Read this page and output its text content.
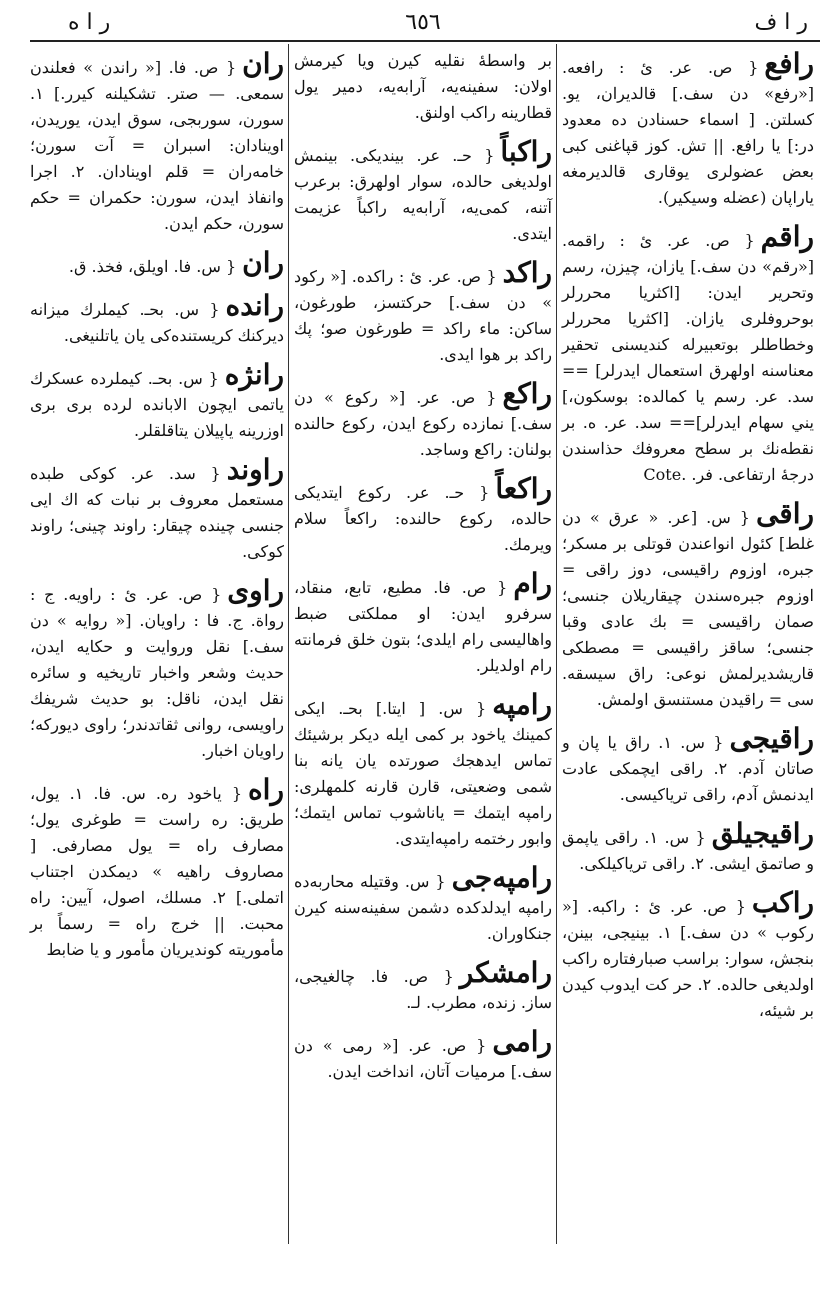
ر ا ف
٦٥٦
ر ا ه
رافع{ ص. عر. ئ : رافعه. [«رفع» دن سف.] قالديران، يو. كسلتن. [ اسماء حسنادن ده معدود در:] يا رافع. || تش. كوز قپاغنی كبی بعض عضولری يوقاری قالديرمغه ياراپان (عضله وسيكير).
راقم{ ص. عر. ئ : راقمه. [«رقم» دن سف.] يازان، چيزن، رسم وتحرير ايدن: [اكثريا محررلر بوحروفلری يازان. [اكثريا محررلر وخطاطلر بوتعبيرله كنديسنی تحقير معناسنه اولهرق استعمال ايدرلر] == سد. عر. رسم يا كمالده: بوسكون،] يني سهام ايدرلر]== سد. عر. ه. بر نقطه‌نك بر سطح معروفك حذاسندن درجهٔ ارتفاعی. فر. Cote.
راقی{ س. [عر. « عرق » دن غلط] كئول انواعندن قوتلی بر مسكر؛ جبره، اوزوم راقيسی، دوز راقی = اوزوم جبره‌سندن چيقاريلان جنسی؛ صمان راقيسی = بك عادی وقبا جنسی؛ ساقز راقيسی = مصطكی قاريشديرلمش نوعی: راق سيسقه. سی = راقيدن مستنسق اولمش.
راقيجی{ س. ١. راق يا پان و صاتان آدم. ٢. راقی ايچمكی عادت ايدنمش آدم، راقی ترياكيسی.
راقيجيلق{ س. ١. راقی ياپمق و صاتمق ايشی. ٢. راقی ترياكيلكی.
راكب{ ص. عر. ئ : راكبه. [« ركوب » دن سف.] ١. بينيجی، بينن، بنجش، سوار: براسب صبارفتاره راكب اولديغی حالده. ٢. حر كت ايدوب كيدن بر شيئه،
بر واسطهٔ نقليه كيرن ويا كيرمش اولان: سفينه‌يه، آرابه‌يه، دمير يول قطارينه راكب اولنق.
راكباً{ حـ. عر. بينديكی. بينمش اولديغی حالده، سوار اولهرق: برعرب آتنه، كمی‌يه، آرابه‌يه راكباً عزيمت ايتدی.
راكد{ ص. عر. ئ : راكده. [« ركود » دن سف.] حركتسز، طورغون، ساكن: ماء راكد = طورغون صو؛ پك راكد بر هوا ايدی.
راكع{ ص. عر. [« ركوع » دن سف.] نمازده ركوع ايدن، ركوع حالنده بولنان: راكع وساجد.
راكعاً{ حـ. عر. ركوع ايتديكی حالده، ركوع حالنده: راكعاً سلام ويرمك.
رام{ ص. فا. مطيع، تابع، منقاد، سرفرو ايدن: او مملكتی ضبط واهاليسی رام ايلدی؛ بتون خلق فرمانته رام اولديلر.
رامپه{ س. [ ايتا.] بحـ. ايكی كمينك ياخود بر كمی ايله ديكر برشيئك تماس ايدهجك صورتده يان يانه بنا شمی وضعيتی، قارن قارنه كلمهلری: رامپه ايتمك = ياناشوب تماس ايتمك؛ وابور رختمه رامپه‌ايتدی.
رامپه‌جی{ س. وقتيله محاربه‌ده رامپه ايدلدكده دشمن سفينه‌سنه كيرن جنكاوران.
رامشكر{ ص. فا. چالغيجی، ساز. زنده، مطرب. لـ.
رامی{ ص. عر. [« رمی » دن سف.] مرميات آتان، انداخت ايدن.
ران{ ص. فا. [« راندن » فعلندن سمعی. — صتر. تشكيلنه كيرر.] ١. سورن، سوربجی، سوق ايدن، يوريدن، اوينادان: اسبران = آت سورن؛ خامه‌ران = قلم اوينادان. ٢. اجرا وانفاذ ايدن، سورن: حكمران = حكم سورن، حكم ايدن.
ران{ س. فا. اويلق، فخذ. ق.
رانده{ س. بحـ. كيملرك ميزانه ديركنك كريستنده‌كی يان ياتلنيغی.
رانژه{ س. بحـ. كيملرده عسكرك ياتمی ايچون الابانده‌ لرده برى برى اوزرينه ياپيلان يتاقلقلر.
راوند{ سد. عر. كوكی طبده مستعمل معروف بر نبات كه اك ايی جنسی چينده چيقار: راوند چينی؛ راوند كوكی.
راوی{ ص. عر. ئ : راويه. ج : رواة. ج. فا : راويان. [« روايه » دن سف.] نقل وروايت و حكايه ايدن، حديث وشعر واخبار تاريخيه و سائره نقل ايدن، ناقل: بو حديث شريفك راويسی، روانی ثقاتدندر؛ راوی ديوركه؛ راويان اخبار.
راه{ ياخود ره. س. فا. ١. يول، طريق: ره راست = طوغری يول؛ مصارف راه = يول مصارفی. [ مصاروف راهيه » ديمكدن اجتناب اتملی.] ٢. مسلك، اصول، آيين: راه محبت. || خرج راه = رسماً بر مأموريته كونديريان مأمور و يا ضابط
